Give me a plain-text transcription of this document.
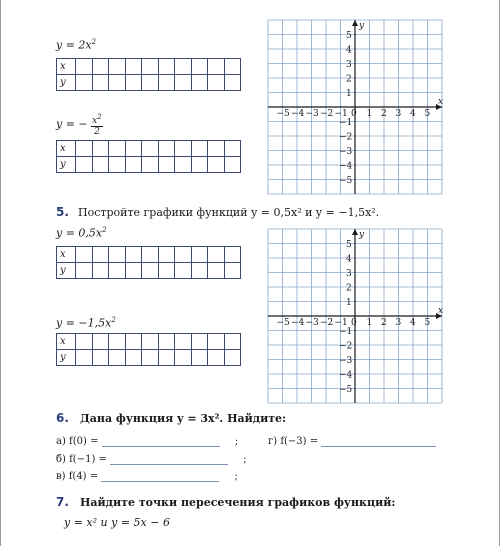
$y = 2x^2$
x										
y										
y = − $\frac{x^2}{2}$
x										
y										
−5 −4 −3 −2 −1 0 1 2 3 4 5
5
4
3
2
1
−1
−2
−3
−4
−5
x
y
5. Постройте графики функций y = 0,5x² и y = −1,5x².
$y = 0,5x^2$
x										
y										
$y = -1,5x^2$
x										
y										
−5 −4 −3 −2 −1 0 1 2 3 4 5
5
4
3
2
1
−1
−2
−3
−4
−5
x
y
6. Дана функция y = 3x². Найдите:
а) f(0) =	;	г) f(−3) =
б) f(−1) =	;
в) f(4) =	;
7. Найдите точки пересечения графиков функций:
y = x² и y = 5x − 6
